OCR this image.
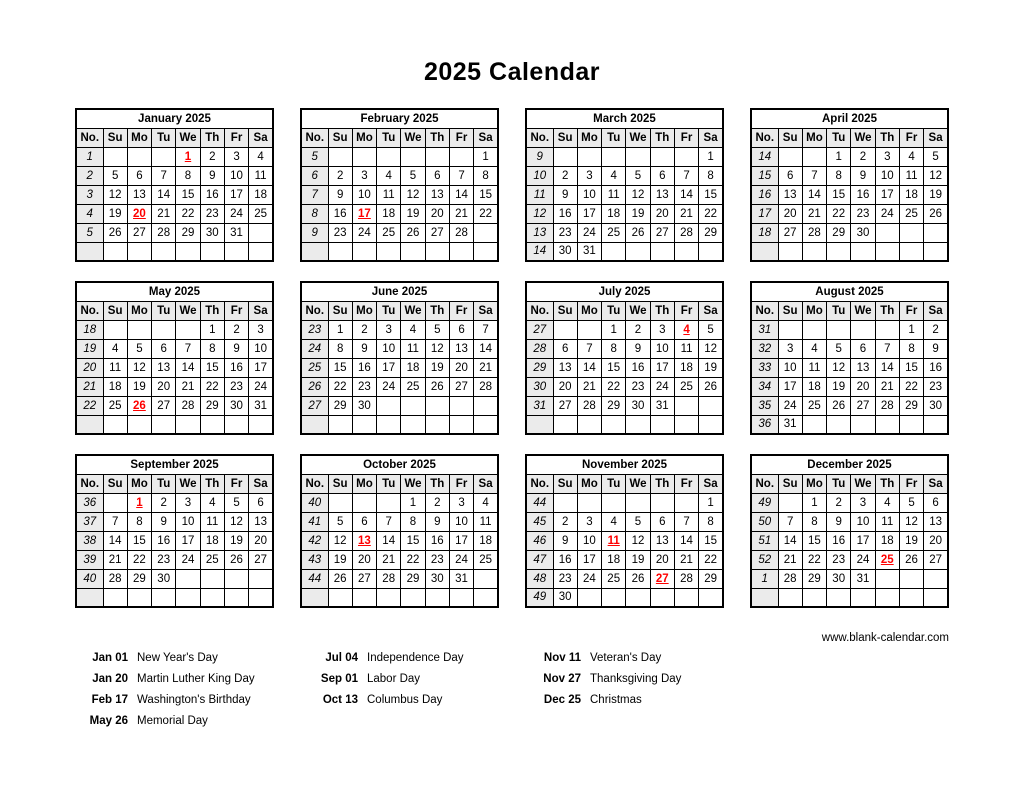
2025 Calendar
January 2025							
No.	Su	Mo	Tu	We	Th	Fr	Sa
1				1	2	3	4
2	5	6	7	8	9	10	11
3	12	13	14	15	16	17	18
4	19	20	21	22	23	24	25
5	26	27	28	29	30	31	

February 2025							
No.	Su	Mo	Tu	We	Th	Fr	Sa
5							1
6	2	3	4	5	6	7	8
7	9	10	11	12	13	14	15
8	16	17	18	19	20	21	22
9	23	24	25	26	27	28	

March 2025							
No.	Su	Mo	Tu	We	Th	Fr	Sa
9							1
10	2	3	4	5	6	7	8
11	9	10	11	12	13	14	15
12	16	17	18	19	20	21	22
13	23	24	25	26	27	28	29
14	30	31					
April 2025							
No.	Su	Mo	Tu	We	Th	Fr	Sa
14			1	2	3	4	5
15	6	7	8	9	10	11	12
16	13	14	15	16	17	18	19
17	20	21	22	23	24	25	26
18	27	28	29	30			

May 2025							
No.	Su	Mo	Tu	We	Th	Fr	Sa
18					1	2	3
19	4	5	6	7	8	9	10
20	11	12	13	14	15	16	17
21	18	19	20	21	22	23	24
22	25	26	27	28	29	30	31

June 2025							
No.	Su	Mo	Tu	We	Th	Fr	Sa
23	1	2	3	4	5	6	7
24	8	9	10	11	12	13	14
25	15	16	17	18	19	20	21
26	22	23	24	25	26	27	28
27	29	30					

July 2025							
No.	Su	Mo	Tu	We	Th	Fr	Sa
27			1	2	3	4	5
28	6	7	8	9	10	11	12
29	13	14	15	16	17	18	19
30	20	21	22	23	24	25	26
31	27	28	29	30	31		

August 2025							
No.	Su	Mo	Tu	We	Th	Fr	Sa
31						1	2
32	3	4	5	6	7	8	9
33	10	11	12	13	14	15	16
34	17	18	19	20	21	22	23
35	24	25	26	27	28	29	30
36	31						
September 2025							
No.	Su	Mo	Tu	We	Th	Fr	Sa
36		1	2	3	4	5	6
37	7	8	9	10	11	12	13
38	14	15	16	17	18	19	20
39	21	22	23	24	25	26	27
40	28	29	30				

October 2025							
No.	Su	Mo	Tu	We	Th	Fr	Sa
40				1	2	3	4
41	5	6	7	8	9	10	11
42	12	13	14	15	16	17	18
43	19	20	21	22	23	24	25
44	26	27	28	29	30	31	

November 2025							
No.	Su	Mo	Tu	We	Th	Fr	Sa
44							1
45	2	3	4	5	6	7	8
46	9	10	11	12	13	14	15
47	16	17	18	19	20	21	22
48	23	24	25	26	27	28	29
49	30						
December 2025							
No.	Su	Mo	Tu	We	Th	Fr	Sa
49		1	2	3	4	5	6
50	7	8	9	10	11	12	13
51	14	15	16	17	18	19	20
52	21	22	23	24	25	26	27
1	28	29	30	31			

www.blank-calendar.com
Jan 01 New Year's Day
Jan 20 Martin Luther King Day
Feb 17 Washington's Birthday
May 26 Memorial Day
Jul 04 Independence Day
Sep 01 Labor Day
Oct 13 Columbus Day
Nov 11 Veteran's Day
Nov 27 Thanksgiving Day
Dec 25 Christmas
